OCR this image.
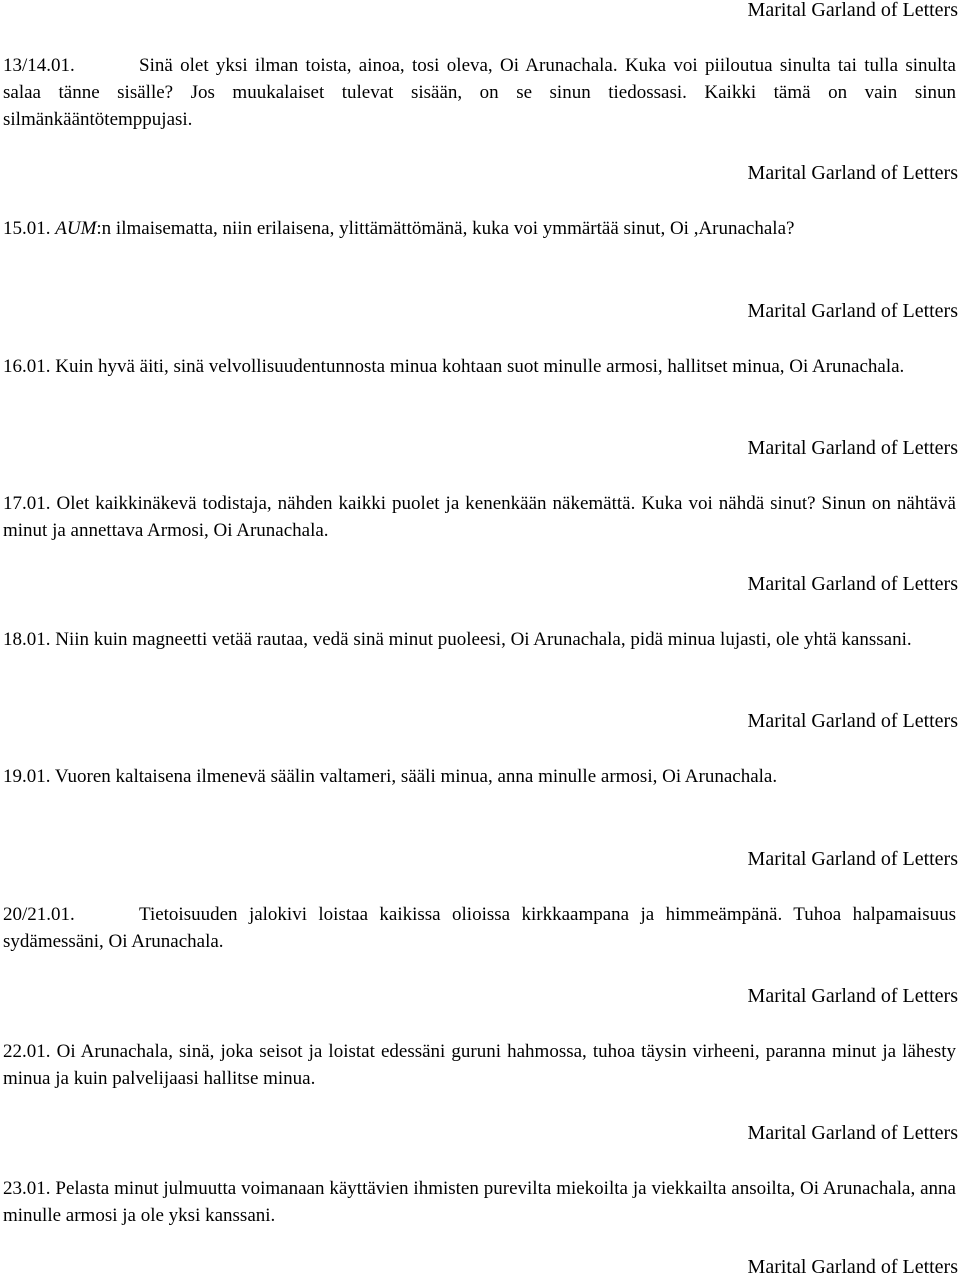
Marital Garland of Letters
13/14.01.	Sinä olet yksi ilman toista, ainoa, tosi oleva, Oi Arunachala. Kuka voi piiloutua sinulta tai tulla sinulta salaa tänne sisälle? Jos muukalaiset tulevat sisään, on se sinun tiedossasi. Kaikki tämä on vain sinun silmänkääntötemppujasi.
Marital Garland of Letters
15.01. AUM:n ilmaisematta, niin erilaisena, ylittämättömänä, kuka voi ymmärtää sinut, Oi ,Arunachala?
Marital Garland of Letters
16.01. Kuin hyvä äiti, sinä velvollisuudentunnosta minua kohtaan suot minulle armosi, hallitset minua, Oi Arunachala.
Marital Garland of Letters
17.01. Olet kaikkinäkevä todistaja, nähden kaikki puolet ja kenenkään näkemättä. Kuka voi nähdä sinut? Sinun on nähtävä minut ja annettava Armosi, Oi Arunachala.
Marital Garland of Letters
18.01. Niin kuin magneetti vetää rautaa, vedä sinä minut puoleesi, Oi Arunachala, pidä minua lujasti, ole yhtä kanssani.
Marital Garland of Letters
19.01. Vuoren kaltaisena ilmenevä säälin valtameri, sääli minua, anna minulle armosi, Oi Arunachala.
Marital Garland of Letters
20/21.01.	Tietoisuuden jalokivi loistaa kaikissa olioissa kirkkaampana ja himmeämpänä. Tuhoa halpamaisuus sydämessäni, Oi Arunachala.
Marital Garland of Letters
22.01. Oi Arunachala, sinä, joka seisot ja loistat edessäni guruni hahmossa, tuhoa täysin virheeni, paranna minut ja lähesty minua ja kuin palvelijaasi hallitse minua.
Marital Garland of Letters
23.01. Pelasta minut julmuutta voimanaan käyttävien ihmisten purevilta miekoilta ja viekkailta ansoilta, Oi Arunachala, anna minulle armosi ja ole yksi kanssani.
Marital Garland of Letters
